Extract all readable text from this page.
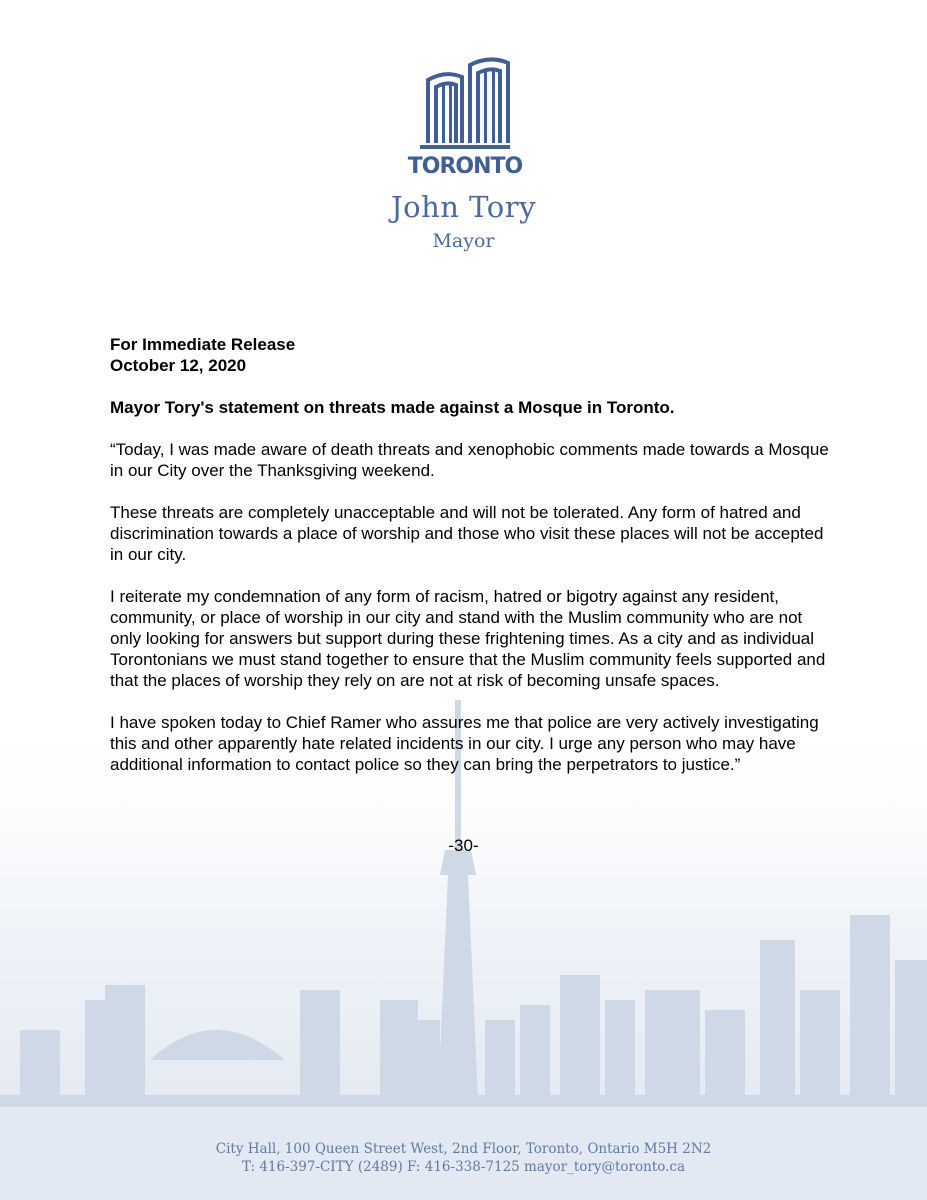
TORONTO
John Tory
Mayor
For Immediate Release
October 12, 2020

Mayor Tory's statement on threats made against a Mosque in Toronto.

“Today, I was made aware of death threats and xenophobic comments made towards a Mosque in our City over the Thanksgiving weekend.

These threats are completely unacceptable and will not be tolerated. Any form of hatred and discrimination towards a place of worship and those who visit these places will not be accepted in our city.

I reiterate my condemnation of any form of racism, hatred or bigotry against any resident, community, or place of worship in our city and stand with the Muslim community who are not only looking for answers but support during these frightening times. As a city and as individual Torontonians we must stand together to ensure that the Muslim community feels supported and that the places of worship they rely on are not at risk of becoming unsafe spaces.

I have spoken today to Chief Ramer who assures me that police are very actively investigating this and other apparently hate related incidents in our city. I urge any person who may have additional information to contact police so they can bring the perpetrators to justice.”

-30-
City Hall, 100 Queen Street West, 2nd Floor, Toronto, Ontario M5H 2N2
T: 416-397-CITY (2489) F: 416-338-7125 mayor_tory@toronto.ca
